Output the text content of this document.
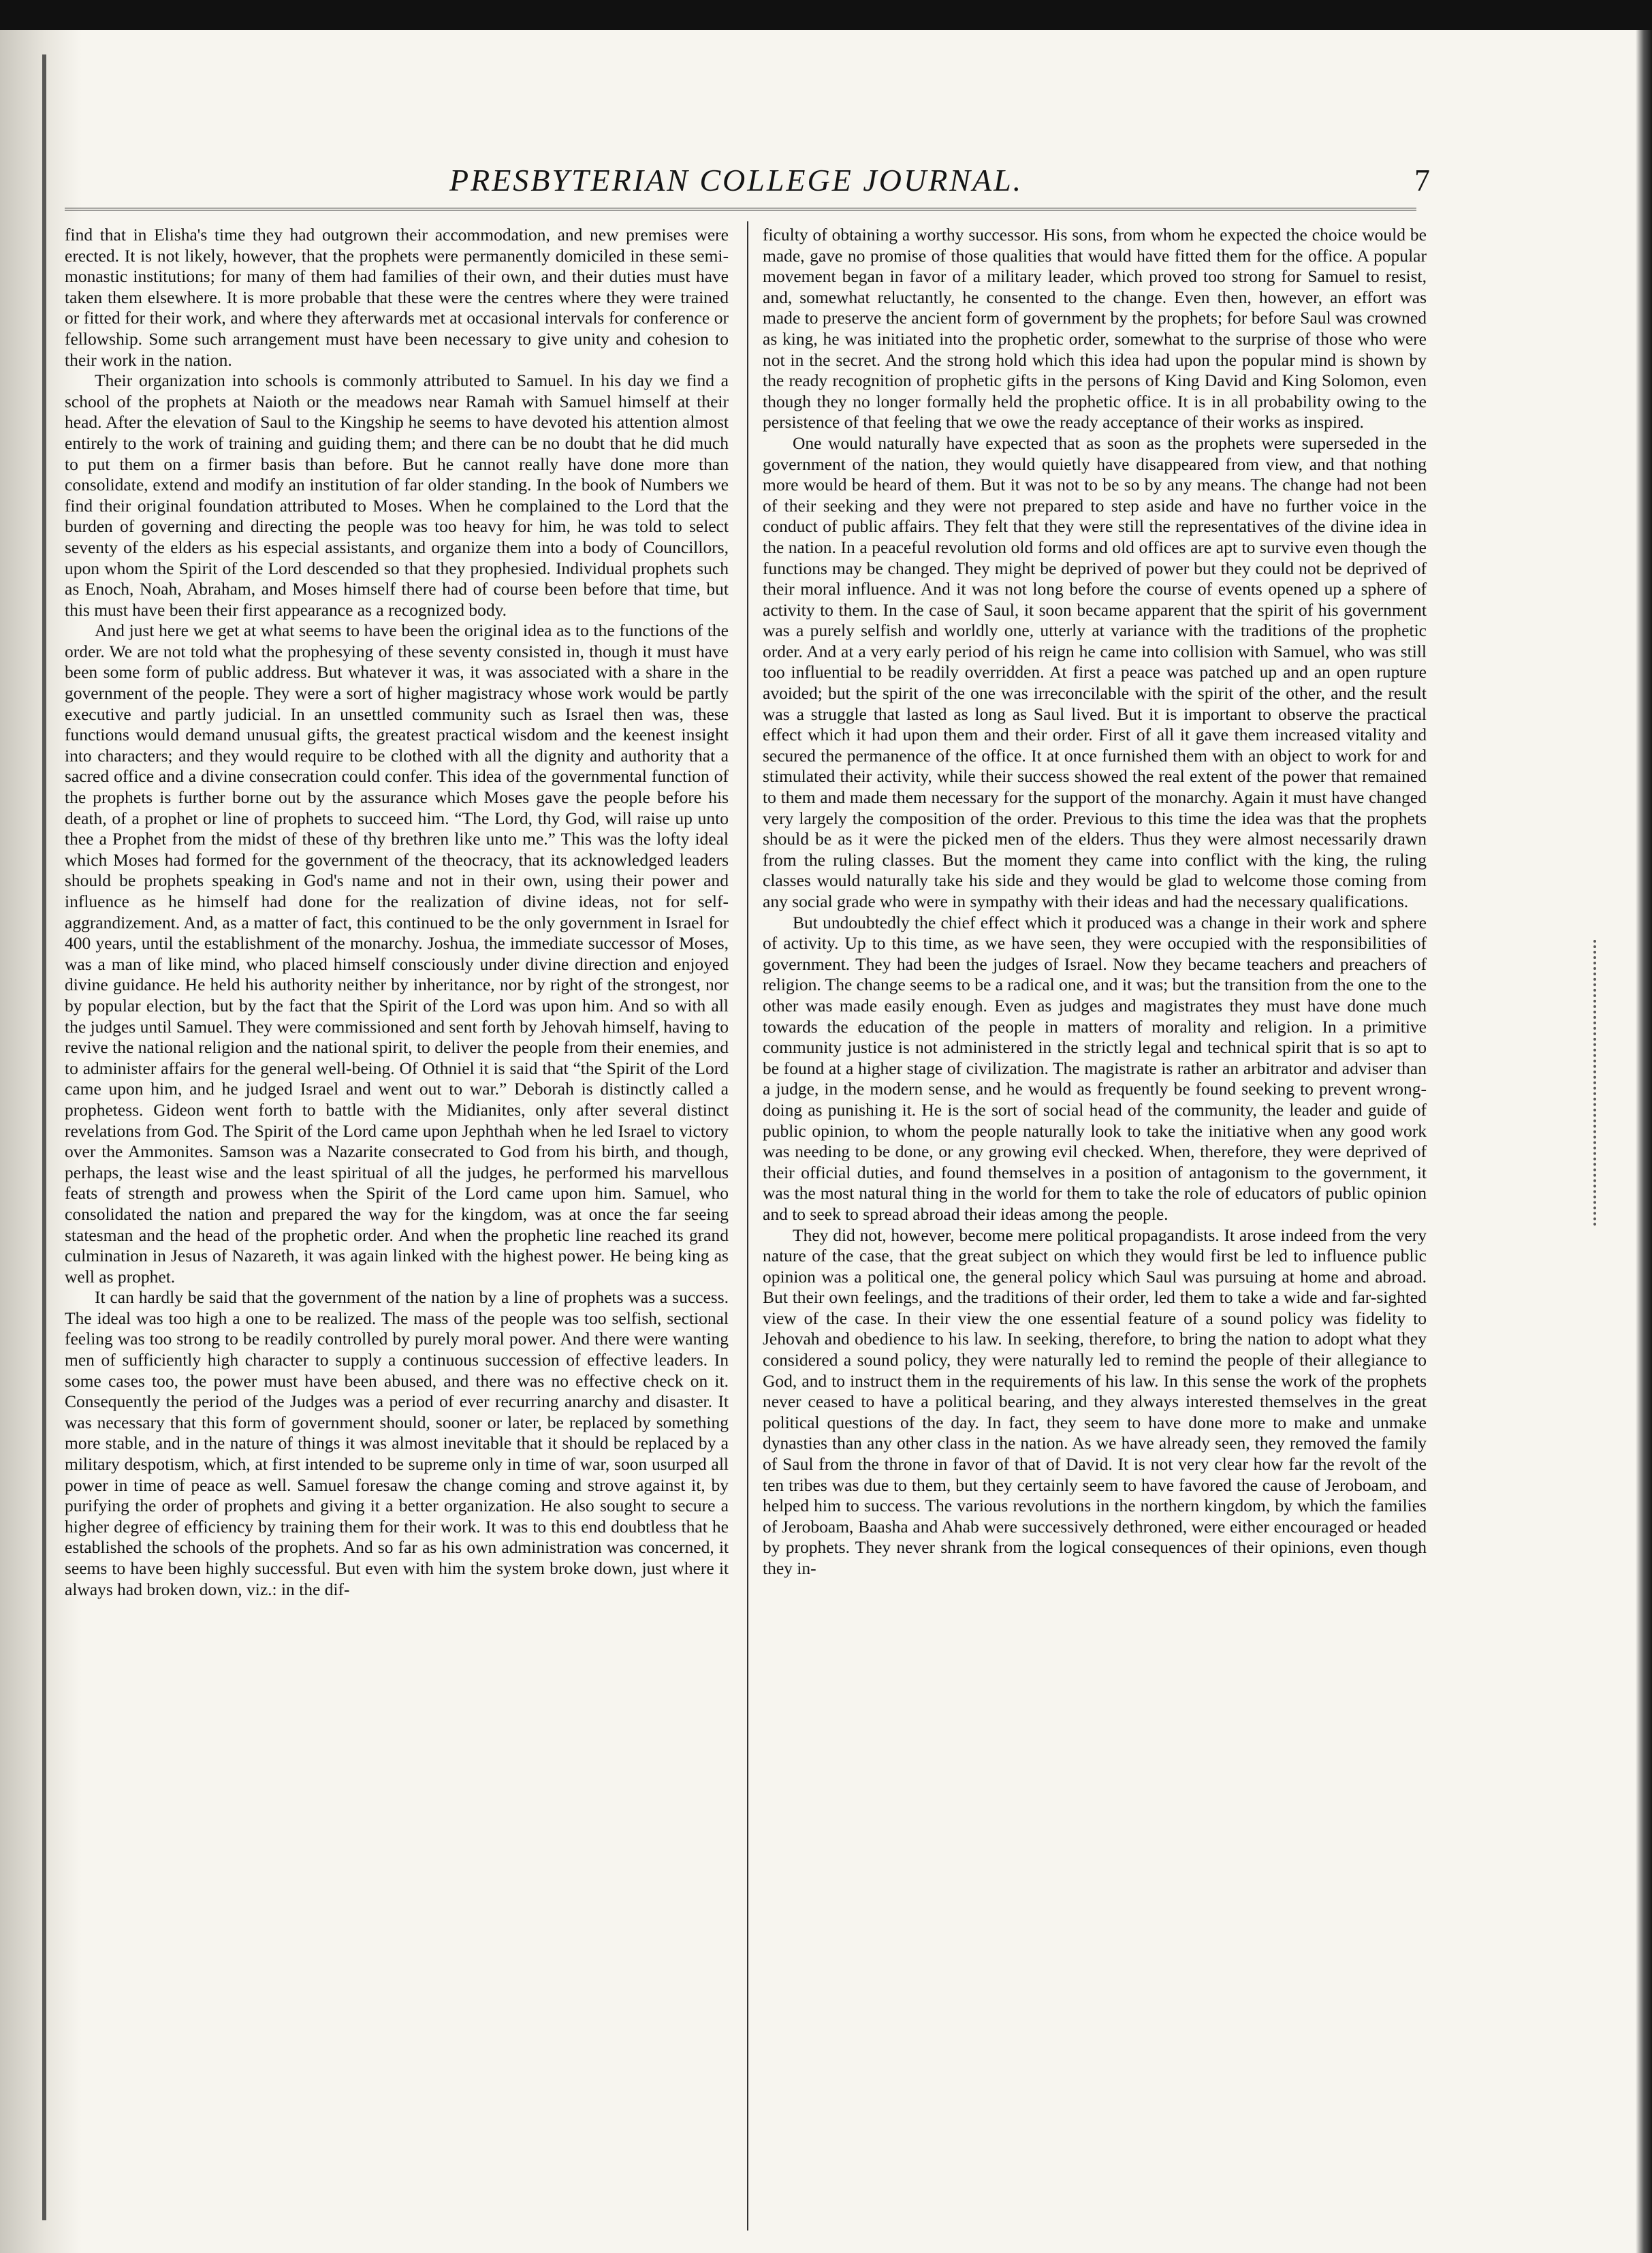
PRESBYTERIAN COLLEGE JOURNAL.	7

find that in Elisha's time they had outgrown their accommodation, and new premises were erected. It is not likely, however, that the prophets were permanently domiciled in these semi-monastic institutions; for many of them had families of their own, and their duties must have taken them elsewhere. It is more probable that these were the centres where they were trained or fitted for their work, and where they afterwards met at occasional intervals for conference or fellowship. Some such arrangement must have been necessary to give unity and cohesion to their work in the nation.

Their organization into schools is commonly attributed to Samuel. In his day we find a school of the prophets at Naioth or the meadows near Ramah with Samuel himself at their head. After the elevation of Saul to the Kingship he seems to have devoted his attention almost entirely to the work of training and guiding them; and there can be no doubt that he did much to put them on a firmer basis than before. But he cannot really have done more than consolidate, extend and modify an institution of far older standing. In the book of Numbers we find their original foundation attributed to Moses. When he complained to the Lord that the burden of governing and directing the people was too heavy for him, he was told to select seventy of the elders as his especial assistants, and organize them into a body of Councillors, upon whom the Spirit of the Lord descended so that they prophesied. Individual prophets such as Enoch, Noah, Abraham, and Moses himself there had of course been before that time, but this must have been their first appearance as a recognized body.

And just here we get at what seems to have been the original idea as to the functions of the order. We are not told what the prophesying of these seventy consisted in, though it must have been some form of public address. But whatever it was, it was associated with a share in the government of the people. They were a sort of higher magistracy whose work would be partly executive and partly judicial. In an unsettled community such as Israel then was, these functions would demand unusual gifts, the greatest practical wisdom and the keenest insight into characters; and they would require to be clothed with all the dignity and authority that a sacred office and a divine consecration could confer. This idea of the governmental function of the prophets is further borne out by the assurance which Moses gave the people before his death, of a prophet or line of prophets to succeed him. “The Lord, thy God, will raise up unto thee a Prophet from the midst of these of thy brethren like unto me.” This was the lofty ideal which Moses had formed for the government of the theocracy, that its acknowledged leaders should be prophets speaking in God's name and not in their own, using their power and influence as he himself had done for the realization of divine ideas, not for self-aggrandizement. And, as a matter of fact, this continued to be the only government in Israel for 400 years, until the establishment of the monarchy. Joshua, the immediate successor of Moses, was a man of like mind, who placed himself consciously under divine direction and enjoyed divine guidance. He held his authority neither by inheritance, nor by right of the strongest, nor by popular election, but by the fact that the Spirit of the Lord was upon him. And so with all the judges until Samuel. They were commissioned and sent forth by Jehovah himself, having to revive the national religion and the national spirit, to deliver the people from their enemies, and to administer affairs for the general well-being. Of Othniel it is said that “the Spirit of the Lord came upon him, and he judged Israel and went out to war.” Deborah is distinctly called a prophetess. Gideon went forth to battle with the Midianites, only after several distinct revelations from God. The Spirit of the Lord came upon Jephthah when he led Israel to victory over the Ammonites. Samson was a Nazarite consecrated to God from his birth, and though, perhaps, the least wise and the least spiritual of all the judges, he performed his marvellous feats of strength and prowess when the Spirit of the Lord came upon him. Samuel, who consolidated the nation and prepared the way for the kingdom, was at once the far seeing statesman and the head of the prophetic order. And when the prophetic line reached its grand culmination in Jesus of Nazareth, it was again linked with the highest power. He being king as well as prophet.

It can hardly be said that the government of the nation by a line of prophets was a success. The ideal was too high a one to be realized. The mass of the people was too selfish, sectional feeling was too strong to be readily controlled by purely moral power. And there were wanting men of sufficiently high character to supply a continuous succession of effective leaders. In some cases too, the power must have been abused, and there was no effective check on it. Consequently the period of the Judges was a period of ever recurring anarchy and disaster. It was necessary that this form of government should, sooner or later, be replaced by something more stable, and in the nature of things it was almost inevitable that it should be replaced by a military despotism, which, at first intended to be supreme only in time of war, soon usurped all power in time of peace as well. Samuel foresaw the change coming and strove against it, by purifying the order of prophets and giving it a better organization. He also sought to secure a higher degree of efficiency by training them for their work. It was to this end doubtless that he established the schools of the prophets. And so far as his own administration was concerned, it seems to have been highly successful. But even with him the system broke down, just where it always had broken down, viz.: in the dif-

ficulty of obtaining a worthy successor. His sons, from whom he expected the choice would be made, gave no promise of those qualities that would have fitted them for the office. A popular movement began in favor of a military leader, which proved too strong for Samuel to resist, and, somewhat reluctantly, he consented to the change. Even then, however, an effort was made to preserve the ancient form of government by the prophets; for before Saul was crowned as king, he was initiated into the prophetic order, somewhat to the surprise of those who were not in the secret. And the strong hold which this idea had upon the popular mind is shown by the ready recognition of prophetic gifts in the persons of King David and King Solomon, even though they no longer formally held the prophetic office. It is in all probability owing to the persistence of that feeling that we owe the ready acceptance of their works as inspired.

One would naturally have expected that as soon as the prophets were superseded in the government of the nation, they would quietly have disappeared from view, and that nothing more would be heard of them. But it was not to be so by any means. The change had not been of their seeking and they were not prepared to step aside and have no further voice in the conduct of public affairs. They felt that they were still the representatives of the divine idea in the nation. In a peaceful revolution old forms and old offices are apt to survive even though the functions may be changed. They might be deprived of power but they could not be deprived of their moral influence. And it was not long before the course of events opened up a sphere of activity to them. In the case of Saul, it soon became apparent that the spirit of his government was a purely selfish and worldly one, utterly at variance with the traditions of the prophetic order. And at a very early period of his reign he came into collision with Samuel, who was still too influential to be readily overridden. At first a peace was patched up and an open rupture avoided; but the spirit of the one was irreconcilable with the spirit of the other, and the result was a struggle that lasted as long as Saul lived. But it is important to observe the practical effect which it had upon them and their order. First of all it gave them increased vitality and secured the permanence of the office. It at once furnished them with an object to work for and stimulated their activity, while their success showed the real extent of the power that remained to them and made them necessary for the support of the monarchy. Again it must have changed very largely the composition of the order. Previous to this time the idea was that the prophets should be as it were the picked men of the elders. Thus they were almost necessarily drawn from the ruling classes. But the moment they came into conflict with the king, the ruling classes would naturally take his side and they would be glad to welcome those coming from any social grade who were in sympathy with their ideas and had the necessary qualifications.

But undoubtedly the chief effect which it produced was a change in their work and sphere of activity. Up to this time, as we have seen, they were occupied with the responsibilities of government. They had been the judges of Israel. Now they became teachers and preachers of religion. The change seems to be a radical one, and it was; but the transition from the one to the other was made easily enough. Even as judges and magistrates they must have done much towards the education of the people in matters of morality and religion. In a primitive community justice is not administered in the strictly legal and technical spirit that is so apt to be found at a higher stage of civilization. The magistrate is rather an arbitrator and adviser than a judge, in the modern sense, and he would as frequently be found seeking to prevent wrong-doing as punishing it. He is the sort of social head of the community, the leader and guide of public opinion, to whom the people naturally look to take the initiative when any good work was needing to be done, or any growing evil checked. When, therefore, they were deprived of their official duties, and found themselves in a position of antagonism to the government, it was the most natural thing in the world for them to take the role of educators of public opinion and to seek to spread abroad their ideas among the people.

They did not, however, become mere political propagandists. It arose indeed from the very nature of the case, that the great subject on which they would first be led to influence public opinion was a political one, the general policy which Saul was pursuing at home and abroad. But their own feelings, and the traditions of their order, led them to take a wide and far-sighted view of the case. In their view the one essential feature of a sound policy was fidelity to Jehovah and obedience to his law. In seeking, therefore, to bring the nation to adopt what they considered a sound policy, they were naturally led to remind the people of their allegiance to God, and to instruct them in the requirements of his law. In this sense the work of the prophets never ceased to have a political bearing, and they always interested themselves in the great political questions of the day. In fact, they seem to have done more to make and unmake dynasties than any other class in the nation. As we have already seen, they removed the family of Saul from the throne in favor of that of David. It is not very clear how far the revolt of the ten tribes was due to them, but they certainly seem to have favored the cause of Jeroboam, and helped him to success. The various revolutions in the northern kingdom, by which the families of Jeroboam, Baasha and Ahab were successively dethroned, were either encouraged or headed by prophets. They never shrank from the logical consequences of their opinions, even though they in-
